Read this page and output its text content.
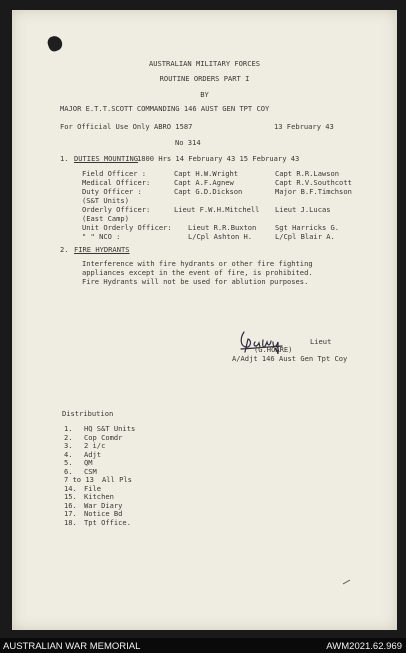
AUSTRALIAN MILITARY FORCES
ROUTINE ORDERS PART I
BY
MAJOR E.T.T.SCOTT COMMANDING 146 AUST GEN TPT COY
For Official Use Only ABRO 1587	13 February 43
No 314
1. DUTIES MOUNTING
1800 Hrs 14 February 43 15 February 43
Field Officer :	Capt H.W.Wright	Capt R.R.Lawson
Medical Officer:	Capt A.F.Agnew	Capt R.V.Southcott
Duty Officer :	Capt G.D.Dickson	Major B.F.Timchson
(S&T Units)
Orderly Officer:	Lieut F.W.H.Mitchell Lieut J.Lucas
(East Camp)
Unit Orderly Officer: Lieut R.R.Buxton	Sgt Harricks G.
" " NCO :	L/Cpl Ashton H.	L/Cpl Blair A.
2. FIRE HYDRANTS
Interference with fire hydrants or other fire fighting
appliances except in the event of fire, is prohibited.
Fire Hydrants will not be used for ablution purposes.
Lieut
(G.HOARE)
A/Adjt 146 Aust Gen Tpt Coy
Distribution
1. HQ S&T Units
2. Cop Comdr
3. 2 i/c
4. Adjt
5. QM
6. CSM
7 to 13 All Pls
14. File
15. Kitchen
16. War Diary
17. Notice Bd
18. Tpt Office.
AUSTRALIAN WAR MEMORIAL	AWM2021.62.969
